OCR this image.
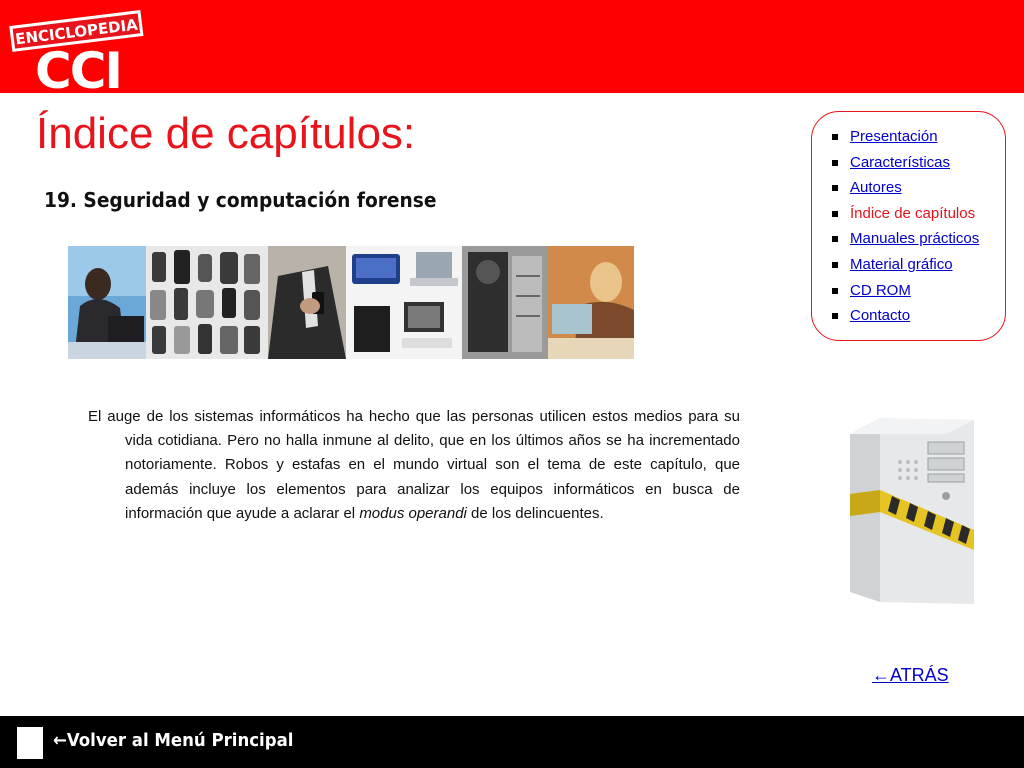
ENCICLOPEDIA
CCI
Índice de capítulos:
19. Seguridad y computación forense

El auge de los sistemas informáticos ha hecho que las personas utilicen estos medios para su vida cotidiana. Pero no halla inmune al delito, que en los últimos años se ha incrementado notoriamente. Robos y estafas en el mundo virtual son el tema de este capítulo, que además incluye los elementos para analizar los equipos informáticos en busca de información que ayude a aclarar el modus operandi de los delincuentes.

Presentación
Características
Autores
Índice de capítulos
Manuales prácticos
Material gráfico
CD ROM
Contacto
←ATRÁS
←Volver al Menú Principal
